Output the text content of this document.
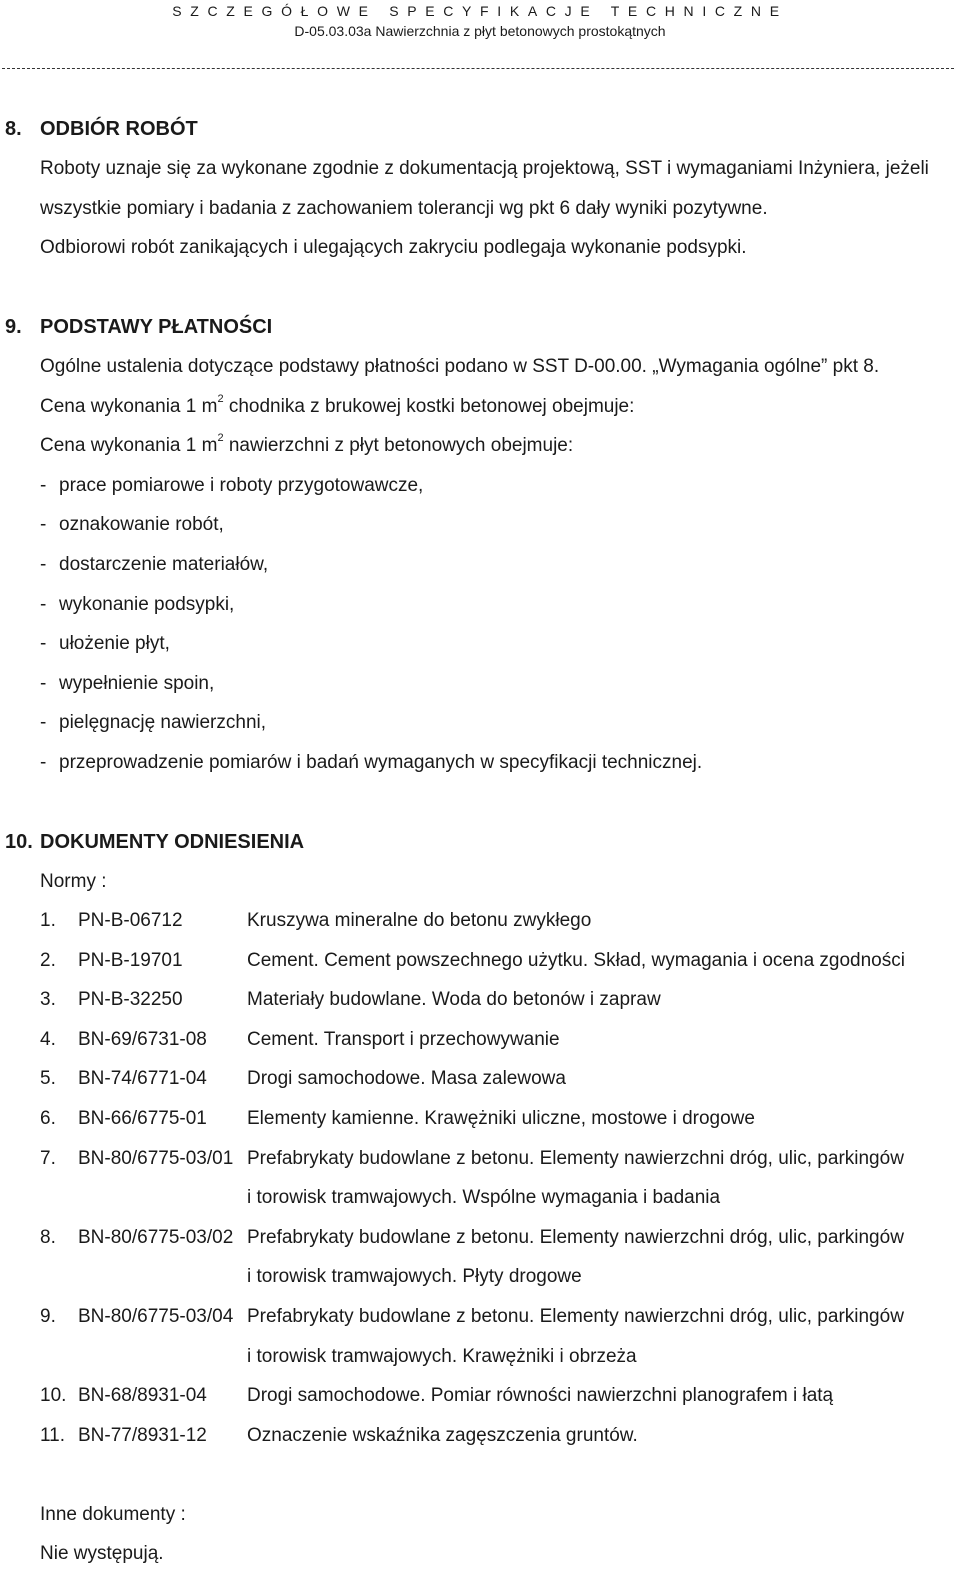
SZCZEGÓŁOWE SPECYFIKACJE TECHNICZNE
D-05.03.03a Nawierzchnia z płyt betonowych prostokątnych
8. ODBIÓR ROBÓT
Roboty uznaje się za wykonane zgodnie z dokumentacją projektową, SST i wymaganiami Inżyniera, jeżeli
wszystkie pomiary i badania z zachowaniem tolerancji wg pkt 6 dały wyniki pozytywne.
Odbiorowi robót zanikających i ulegających zakryciu podlegaja wykonanie podsypki.
9. PODSTAWY PŁATNOŚCI
Ogólne ustalenia dotyczące podstawy płatności podano w SST D-00.00. „Wymagania ogólne” pkt 8.
Cena wykonania 1 $m^2$ chodnika z brukowej kostki betonowej obejmuje:
Cena wykonania 1 $m^2$ nawierzchni z płyt betonowych obejmuje:
- prace pomiarowe i roboty przygotowawcze,
- oznakowanie robót,
- dostarczenie materiałów,
- wykonanie podsypki,
- ułożenie płyt,
- wypełnienie spoin,
- pielęgnację nawierzchni,
- przeprowadzenie pomiarów i badań wymaganych w specyfikacji technicznej.
10. DOKUMENTY ODNIESIENIA
Normy :
1. PN-B-06712	Kruszywa mineralne do betonu zwykłego
2. PN-B-19701	Cement. Cement powszechnego użytku. Skład, wymagania i ocena zgodności
3. PN-B-32250	Materiały budowlane. Woda do betonów i zapraw
4. BN-69/6731-08 Cement. Transport i przechowywanie
5. BN-74/6771-04 Drogi samochodowe. Masa zalewowa
6. BN-66/6775-01 Elementy kamienne. Krawężniki uliczne, mostowe i drogowe
7. BN-80/6775-03/01 Prefabrykaty budowlane z betonu. Elementy nawierzchni dróg, ulic, parkingów
i torowisk tramwajowych. Wspólne wymagania i badania
8. BN-80/6775-03/02 Prefabrykaty budowlane z betonu. Elementy nawierzchni dróg, ulic, parkingów
i torowisk tramwajowych. Płyty drogowe
9. BN-80/6775-03/04 Prefabrykaty budowlane z betonu. Elementy nawierzchni dróg, ulic, parkingów
i torowisk tramwajowych. Krawężniki i obrzeża
10. BN-68/8931-04 Drogi samochodowe. Pomiar równości nawierzchni planografem i łatą
11. BN-77/8931-12 Oznaczenie wskaźnika zagęszczenia gruntów.
Inne dokumenty :
Nie występują.
